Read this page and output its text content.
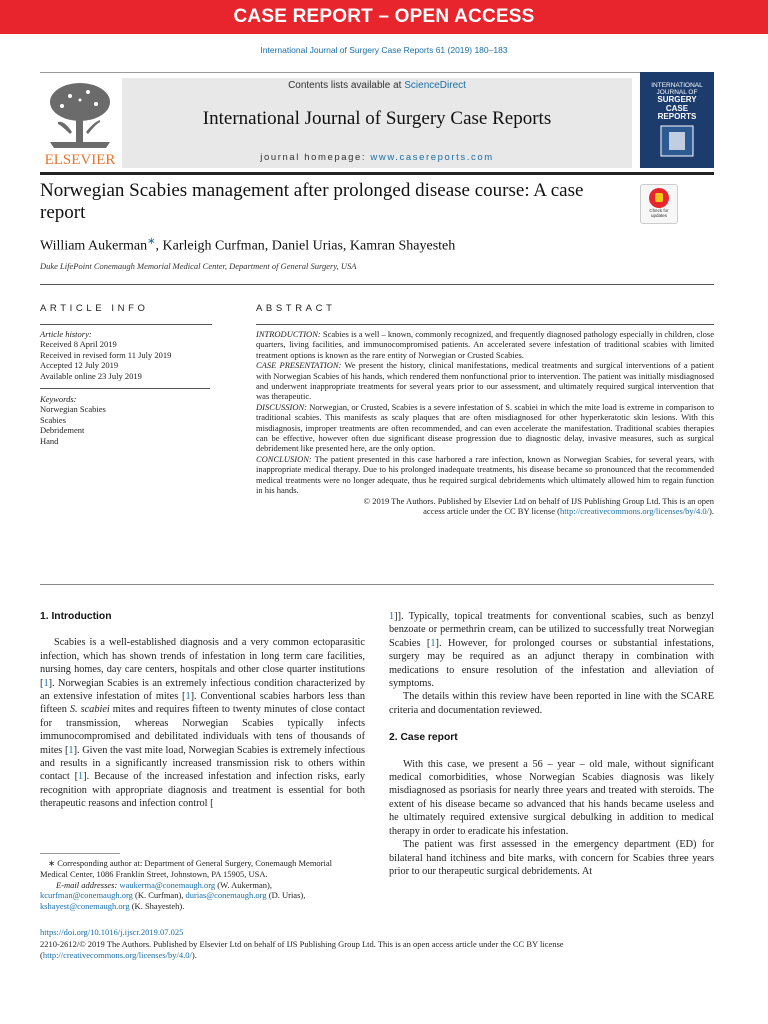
CASE REPORT – OPEN ACCESS
International Journal of Surgery Case Reports 61 (2019) 180–183
ELSEVIER
Contents lists available at ScienceDirect
International Journal of Surgery Case Reports
journal homepage: www.casereports.com
INTERNATIONAL
JOURNAL OF
SURGERY
CASE
REPORTS
Norwegian Scabies management after prolonged disease course: A case report	Check for
updates
William Aukerman∗, Karleigh Curfman, Daniel Urias, Kamran Shayesteh
Duke LifePoint Conemaugh Memorial Medical Center, Department of General Surgery, USA
ARTICLE INFO	ABSTRACT
Article history:
Received 8 April 2019
Received in revised form 11 July 2019
Accepted 12 July 2019
Available online 23 July 2019
Keywords:
Norwegian Scabies
Scabies
Debridement
Hand

INTRODUCTION: Scabies is a well – known, commonly recognized, and frequently diagnosed pathology especially in children, close quarters, living facilities, and immunocompromised patients. An accelerated severe infestation of traditional scabies with limited treatment options is known as the rare entity of Norwegian or Crusted Scabies.

CASE PRESENTATION: We present the history, clinical manifestations, medical treatments and surgical interventions of a patient with Norwegian Scabies of his hands, which rendered them nonfunctional prior to intervention. The patient was initially misdiagnosed and underwent inappropriate treatments for several years prior to our assessment, and ultimately required surgical intervention that was therapeutic.

DISCUSSION: Norwegian, or Crusted, Scabies is a severe infestation of S. scabiei in which the mite load is extreme in comparison to traditional scabies. This manifests as scaly plaques that are often misdiagnosed for other hyperkeratotic skin lesions. With this misdiagnosis, improper treatments are often recommended, and can even accelerate the manifestation. Traditional scabies therapies can be effective, however often due significant disease progression due to diagnostic delay, invasive measures, such as surgical debridement like presented here, are the only option.

CONCLUSION: The patient presented in this case harbored a rare infection, known as Norwegian Scabies, for several years, with inappropriate medical therapy. Due to his prolonged inadequate treatments, his disease became so pronounced that the recommended medical treatments were no longer adequate, thus he required surgical debridements which ultimately allowed him to regain function in his hands.

© 2019 The Authors. Published by Elsevier Ltd on behalf of IJS Publishing Group Ltd. This is an open
access article under the CC BY license (http://creativecommons.org/licenses/by/4.0/).

1. Introduction

Scabies is a well-established diagnosis and a very common ectoparasitic infection, which has shown trends of infestation in long term care facilities, nursing homes, day care centers, hospitals and other close quarter institutions [1]. Norwegian Scabies is an extremely infectious condition characterized by an extensive infestation of mites [1]. Conventional scabies harbors less than fifteen S. scabiei mites and requires fifteen to twenty minutes of close contact for transmission, whereas Norwegian Scabies typically infects immunocompromised and debilitated individuals with tens of thousands of mites [1]. Given the vast mite load, Norwegian Scabies is extremely infectious and results in a significantly increased transmission risk to others within contact [1]. Because of the increased infestation and infection risks, early recognition with appropriate diagnosis and treatment is essential for both therapeutic reasons and infection control [

1]]. Typically, topical treatments for conventional scabies, such as benzyl benzoate or permethrin cream, can be utilized to successfully treat Norwegian Scabies [1]. However, for prolonged courses or substantial infestations, surgery may be required as an adjunct therapy in combination with medications to ensure resolution of the infestation and alleviation of symptoms.

The details within this review have been reported in line with the SCARE criteria and documentation reviewed.

2. Case report

With this case, we present a 56 – year – old male, without significant medical comorbidities, whose Norwegian Scabies diagnosis was likely misdiagnosed as psoriasis for nearly three years and treated with steroids. The extent of his disease became so advanced that his hands became useless and he ultimately required extensive surgical debulking in addition to medical therapy in order to eradicate his infestation.

The patient was first assessed in the emergency department (ED) for bilateral hand itchiness and bite marks, with concern for Scabies three years prior to our therapeutic surgical debridements. At

∗ Corresponding author at: Department of General Surgery, Conemaugh Memorial Medical Center, 1086 Franklin Street, Johnstown, PA 15905, USA.
E-mail addresses: waukerma@conemaugh.org (W. Aukerman),
kcurfman@conemaugh.org (K. Curfman), durias@conemaugh.org (D. Urias),
kshayest@conemaugh.org (K. Shayesteh).
https://doi.org/10.1016/j.ijscr.2019.07.025
2210-2612/© 2019 The Authors. Published by Elsevier Ltd on behalf of IJS Publishing Group Ltd. This is an open access article under the CC BY license (http://creativecommons.org/licenses/by/4.0/).
